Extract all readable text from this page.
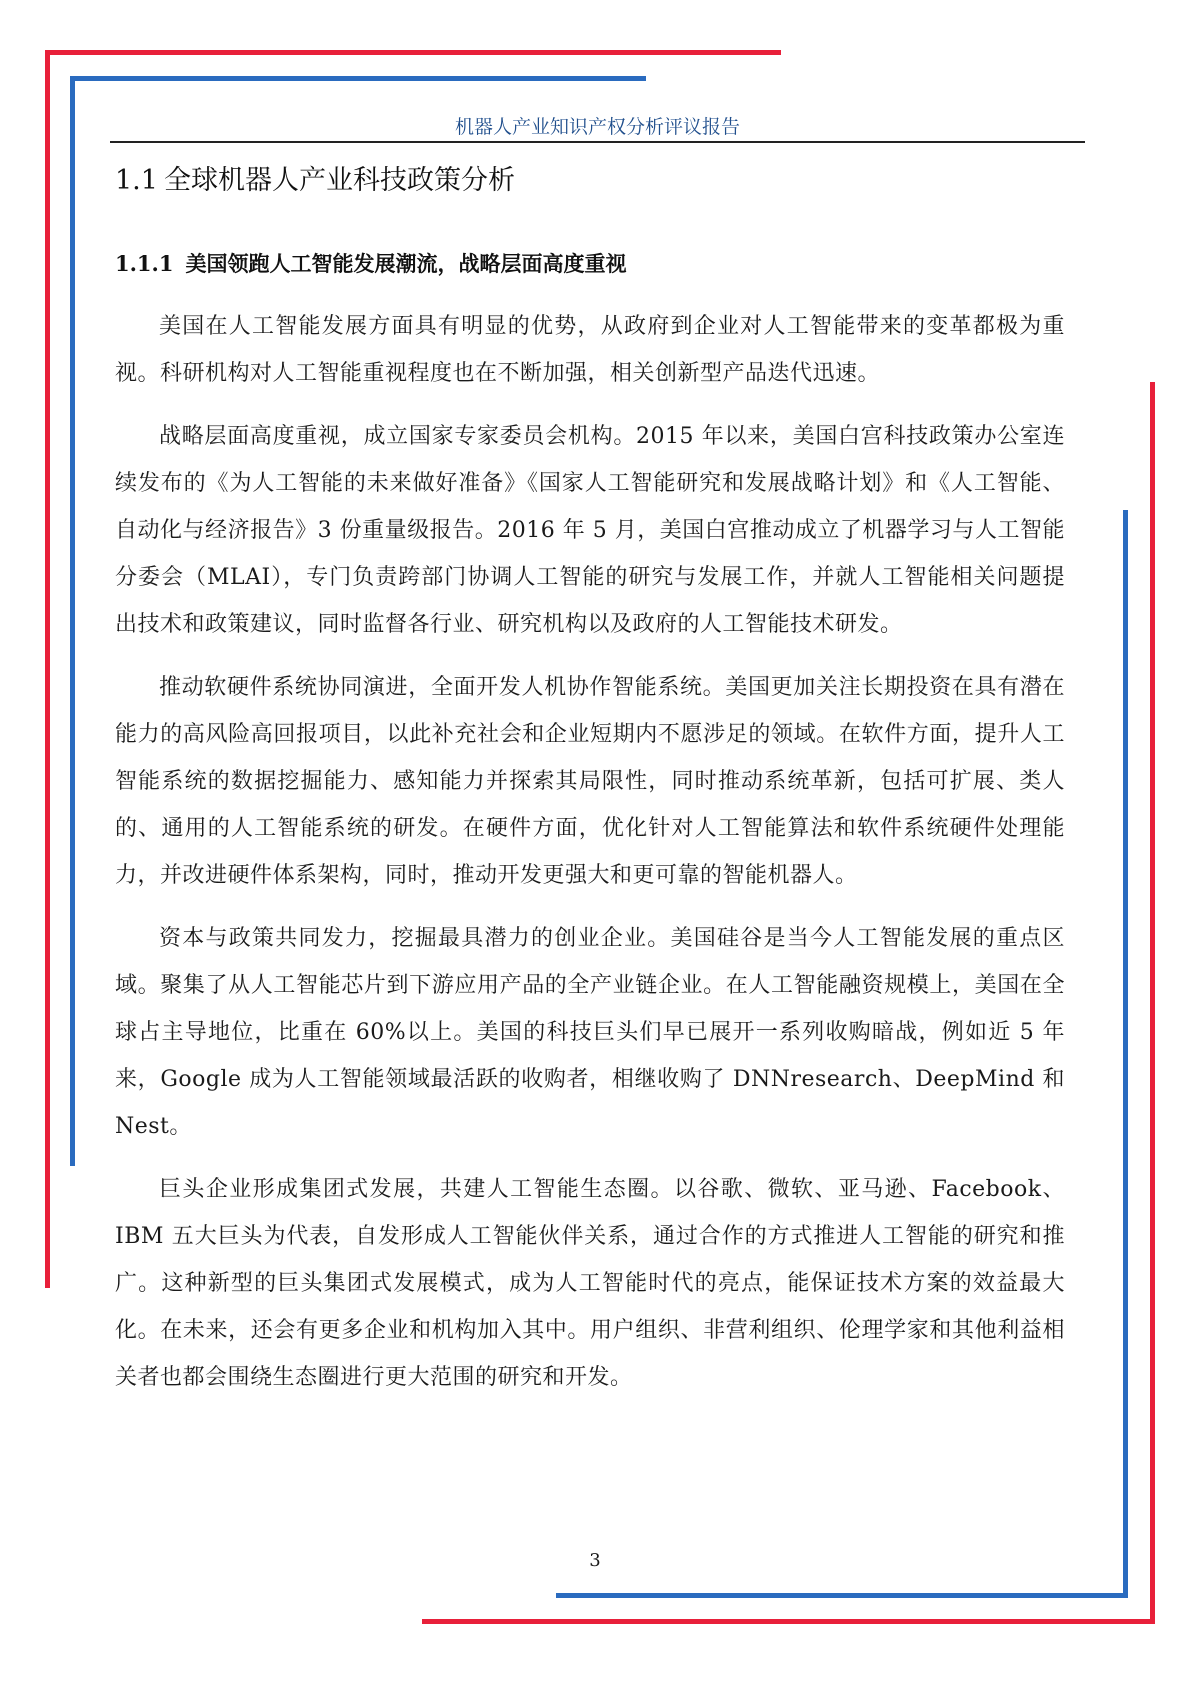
机器人产业知识产权分析评议报告
1.1 全球机器人产业科技政策分析
1.1.1 美国领跑人工智能发展潮流，战略层面高度重视

美国在人工智能发展方面具有明显的优势，从政府到企业对人工智能带来的变革都极为重视。科研机构对人工智能重视程度也在不断加强，相关创新型产品迭代迅速。

战略层面高度重视，成立国家专家委员会机构。2015 年以来，美国白宫科技政策办公室连续发布的《为人工智能的未来做好准备》《国家人工智能研究和发展战略计划》和《人工智能、自动化与经济报告》3 份重量级报告。2016 年 5 月，美国白宫推动成立了机器学习与人工智能分委会（MLAI），专门负责跨部门协调人工智能的研究与发展工作，并就人工智能相关问题提出技术和政策建议，同时监督各行业、研究机构以及政府的人工智能技术研发。

推动软硬件系统协同演进，全面开发人机协作智能系统。美国更加关注长期投资在具有潜在能力的高风险高回报项目，以此补充社会和企业短期内不愿涉足的领域。在软件方面，提升人工智能系统的数据挖掘能力、感知能力并探索其局限性，同时推动系统革新，包括可扩展、类人的、通用的人工智能系统的研发。在硬件方面，优化针对人工智能算法和软件系统硬件处理能力，并改进硬件体系架构，同时，推动开发更强大和更可靠的智能机器人。

资本与政策共同发力，挖掘最具潜力的创业企业。美国硅谷是当今人工智能发展的重点区域。聚集了从人工智能芯片到下游应用产品的全产业链企业。在人工智能融资规模上，美国在全球占主导地位，比重在 60%以上。美国的科技巨头们早已展开一系列收购暗战，例如近 5 年来，Google 成为人工智能领域最活跃的收购者，相继收购了 DNNresearch、DeepMind 和 Nest。

巨头企业形成集团式发展，共建人工智能生态圈。以谷歌、微软、亚马逊、Facebook、IBM 五大巨头为代表，自发形成人工智能伙伴关系，通过合作的方式推进人工智能的研究和推广。这种新型的巨头集团式发展模式，成为人工智能时代的亮点，能保证技术方案的效益最大化。在未来，还会有更多企业和机构加入其中。用户组织、非营利组织、伦理学家和其他利益相关者也都会围绕生态圈进行更大范围的研究和开发。

3
